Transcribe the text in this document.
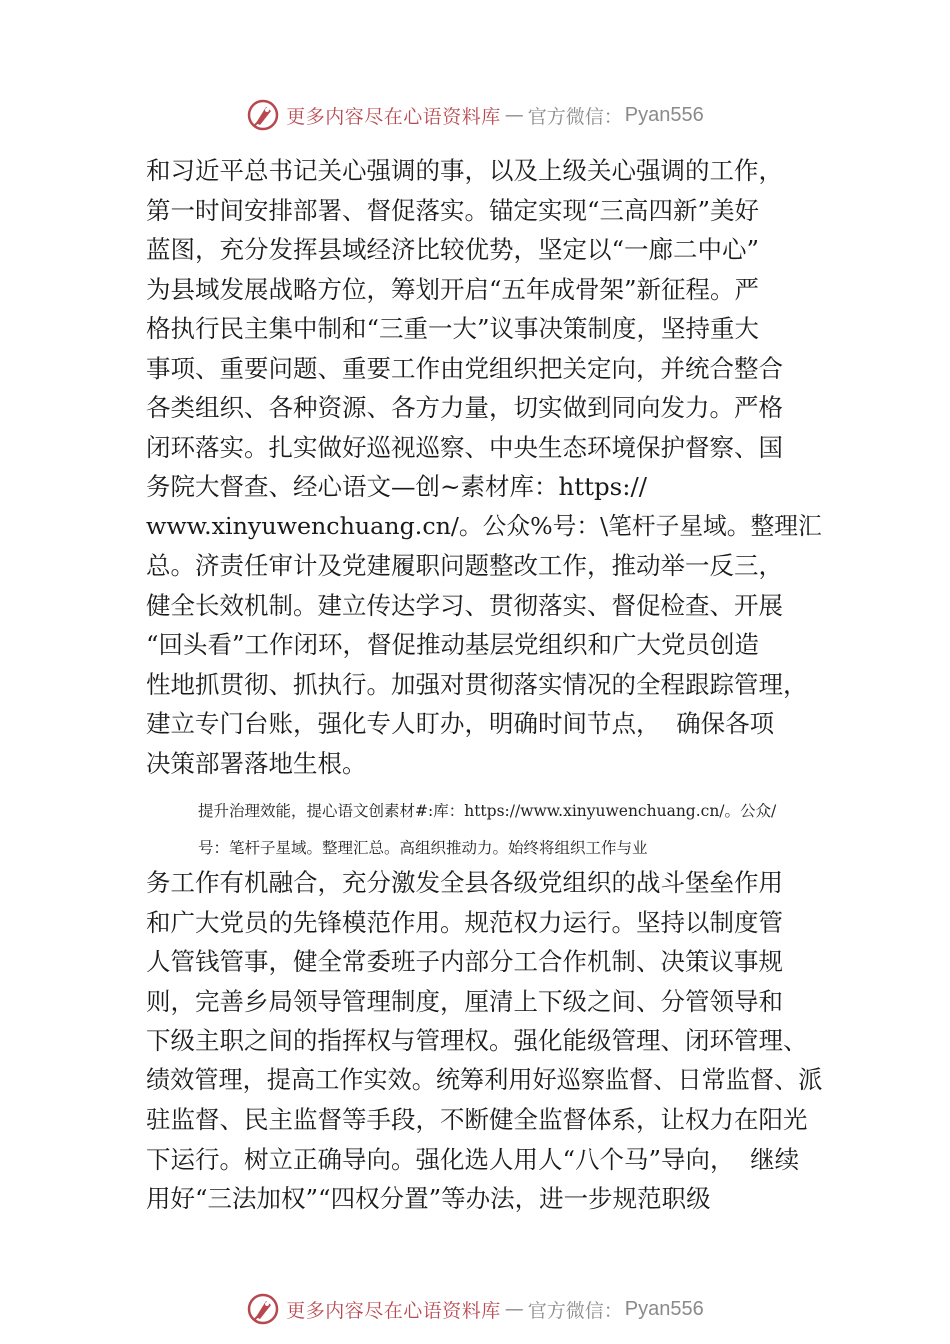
更多内容尽在心语资料库 — 官方微信： Pyan556

和习近平总书记关心强调的事，以及上级关心强调的工作，
第一时间安排部署、督促落实。锚定实现“三高四新”美好
蓝图，充分发挥县域经济比较优势，坚定以“一廊二中心”
为县域发展战略方位，筹划开启“五年成骨架”新征程。严
格执行民主集中制和“三重一大”议事决策制度，坚持重大
事项、重要问题、重要工作由党组织把关定向，并统合整合
各类组织、各种资源、各方力量，切实做到同向发力。严格
闭环落实。扎实做好巡视巡察、中央生态环境保护督察、国
务院大督查、经心语文—创~素材库：https://
www.xinyuwenchuang.cn/。公众%号：\笔杆子星域。整理汇
总。济责任审计及党建履职问题整改工作，推动举一反三，
健全长效机制。建立传达学习、贯彻落实、督促检查、开展
“回头看”工作闭环，督促推动基层党组织和广大党员创造
性地抓贯彻、抓执行。加强对贯彻落实情况的全程跟踪管理，
建立专门台账，强化专人盯办，明确时间节点，  确保各项
决策部署落地生根。

提升治理效能，提心语文创素材#:库：https://www.xinyuwenchuang.cn/。公众/
号：笔杆子星域。整理汇总。高组织推动力。始终将组织工作与业

务工作有机融合，充分激发全县各级党组织的战斗堡垒作用
和广大党员的先锋模范作用。规范权力运行。坚持以制度管
人管钱管事，健全常委班子内部分工合作机制、决策议事规
则，完善乡局领导管理制度，厘清上下级之间、分管领导和
下级主职之间的指挥权与管理权。强化能级管理、闭环管理、
绩效管理，提高工作实效。统筹利用好巡察监督、日常监督、派
驻监督、民主监督等手段，不断健全监督体系，让权力在阳光
下运行。树立正确导向。强化选人用人“八个马”导向，  继续
用好“三法加权”“四权分置”等办法，进一步规范职级

更多内容尽在心语资料库 — 官方微信： Pyan556
